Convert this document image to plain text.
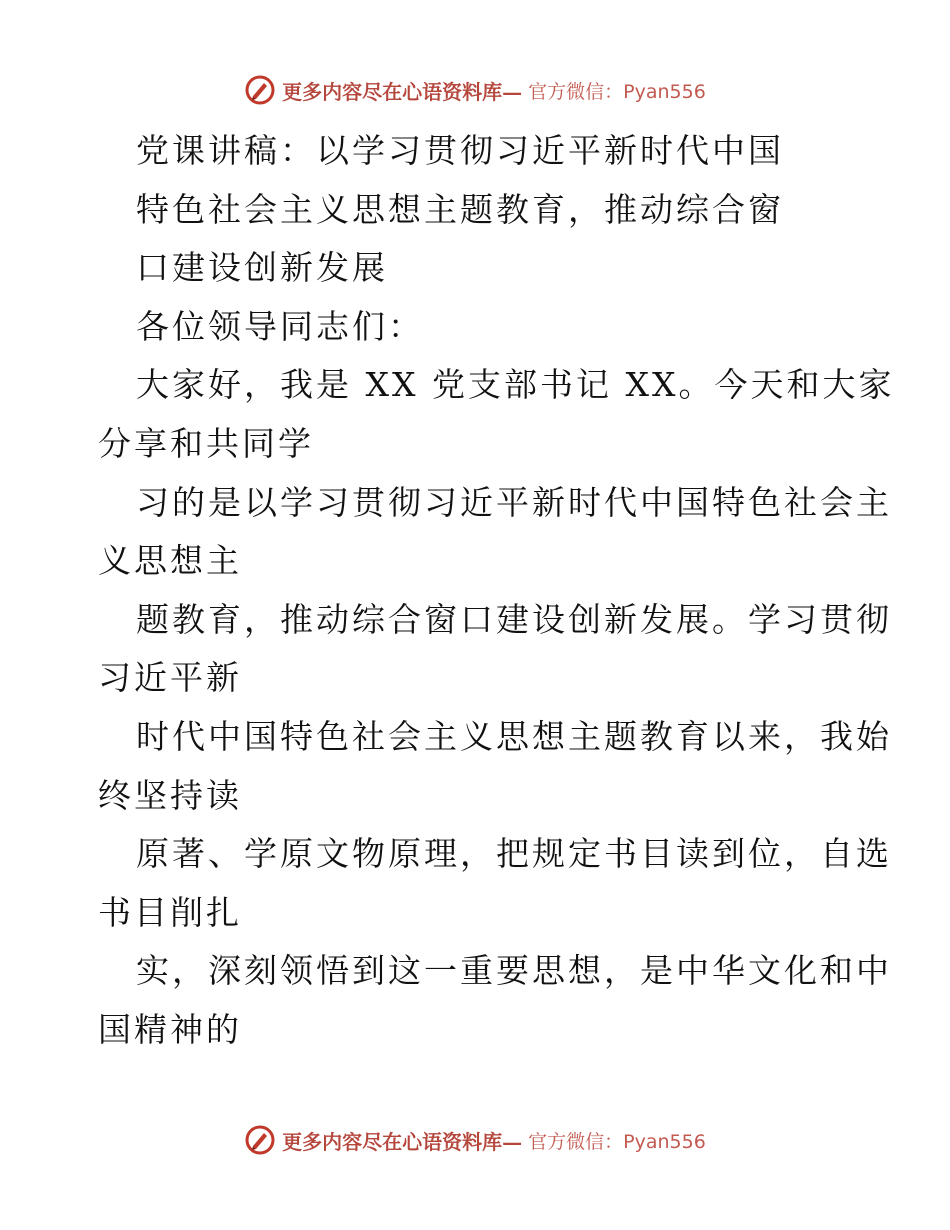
更多内容尽在心语资料库— 官方微信：Pyan556
党课讲稿：以学习贯彻习近平新时代中国
特色社会主义思想主题教育，推动综合窗
口建设创新发展
各位领导同志们：
大家好，我是 XX 党支部书记 XX。今天和大家
分享和共同学
习的是以学习贯彻习近平新时代中国特色社会主
义思想主
题教育，推动综合窗口建设创新发展。学习贯彻
习近平新
时代中国特色社会主义思想主题教育以来，我始
终坚持读
原著、学原文物原理，把规定书目读到位，自选
书目削扎
实，深刻领悟到这一重要思想，是中华文化和中
国精神的
更多内容尽在心语资料库— 官方微信：Pyan556
